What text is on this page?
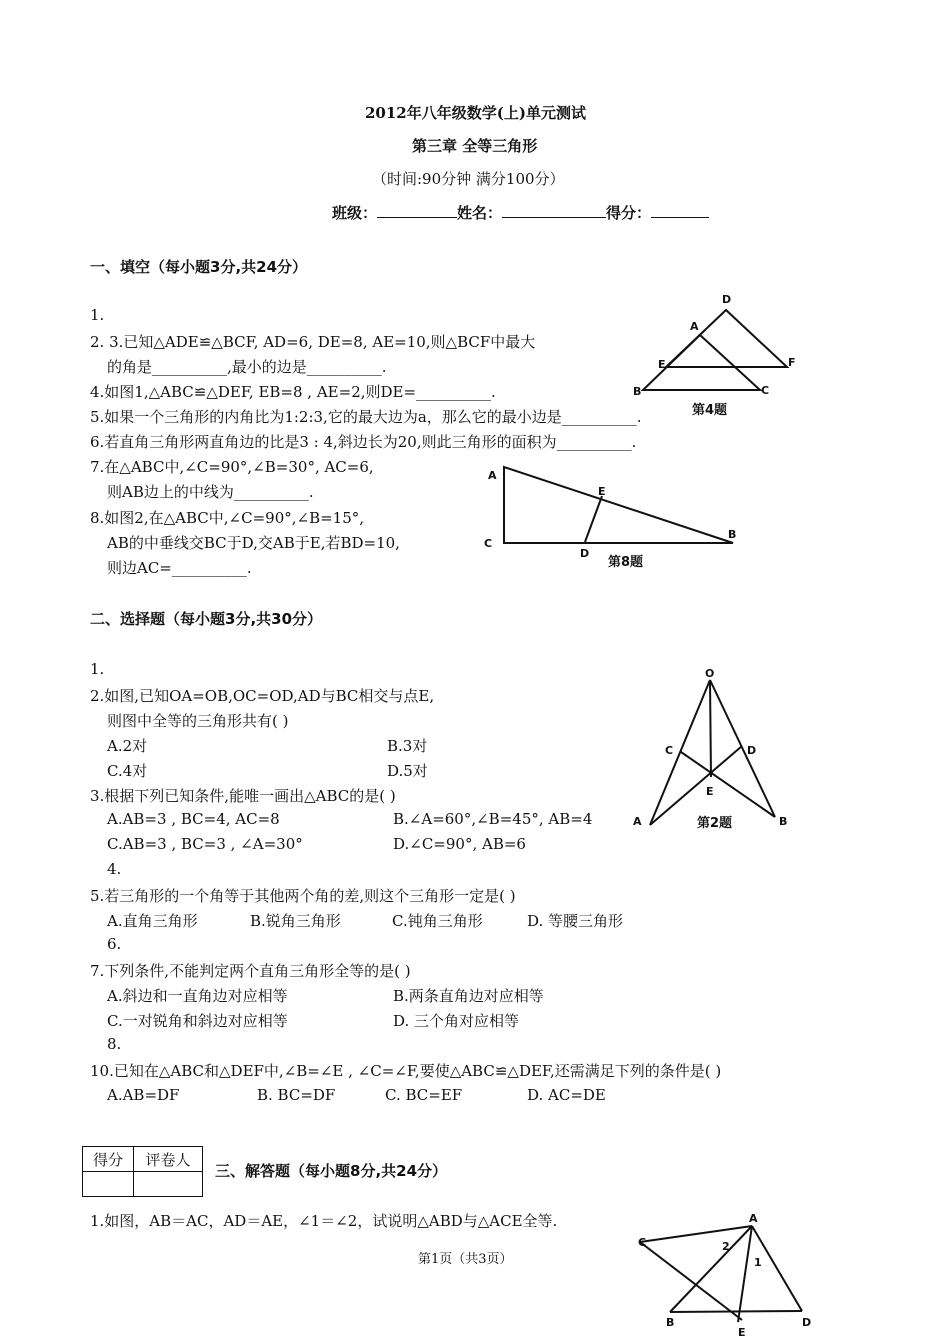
2012年八年级数学(上)单元测试
第三章 全等三角形
（时间:90分钟 满分100分）
班级：	姓名：	得分：
一、填空（每小题3分,共24分）
1.
2. 3.已知△ADE≌△BCF, AD=6, DE=8, AE=10,则△BCF中最大
的角是__________,最小的边是__________.
4.如图1,△ABC≌△DEF, EB=8 , AE=2,则DE=__________.
5.如果一个三角形的内角比为1:2:3,它的最大边为a，那么它的最小边是__________.
6.若直角三角形两直角边的比是3 : 4,斜边长为20,则此三角形的面积为__________.
7.在△ABC中,∠C=90°,∠B=30°, AC=6,
则AB边上的中线为__________.
8.如图2,在△ABC中,∠C=90°,∠B=15°,
AB的中垂线交BC于D,交AB于E,若BD=10,
则边AC=__________.
D
A
E	F
B	C
第4题
A
E
C
D
B
第8题
二、选择题（每小题3分,共30分）
1.
2.如图,已知OA=OB,OC=OD,AD与BC相交与点E,
则图中全等的三角形共有( )
A.2对	B.3对
C.4对	D.5对
3.根据下列已知条件,能唯一画出△ABC的是( )
A.AB=3 , BC=4, AC=8	B.∠A=60°,∠B=45°, AB=4
C.AB=3 , BC=3 , ∠A=30°	D.∠C=90°, AB=6
4.
5.若三角形的一个角等于其他两个角的差,则这个三角形一定是( )
A.直角三角形	B.锐角三角形	C.钝角三角形	D. 等腰三角形
6.
7.下列条件,不能判定两个直角三角形全等的是( )
A.斜边和一直角边对应相等	B.两条直角边对应相等
C.一对锐角和斜边对应相等	D. 三个角对应相等
8.
10.已知在△ABC和△DEF中,∠B=∠E , ∠C=∠F,要使△ABC≌△DEF,还需满足下列的条件是( )
A.AB=DF	B. BC=DF	C. BC=EF	D. AC=DE
O
C	D
E
A	B
第2题
得分	评卷人

三、解答题（每小题8分,共24分）
1.如图，AB＝AC，AD＝AE，∠1＝∠2，试说明△ABD与△ACE全等.	A
C	2
1
B
E
D
第1页（共3页）
